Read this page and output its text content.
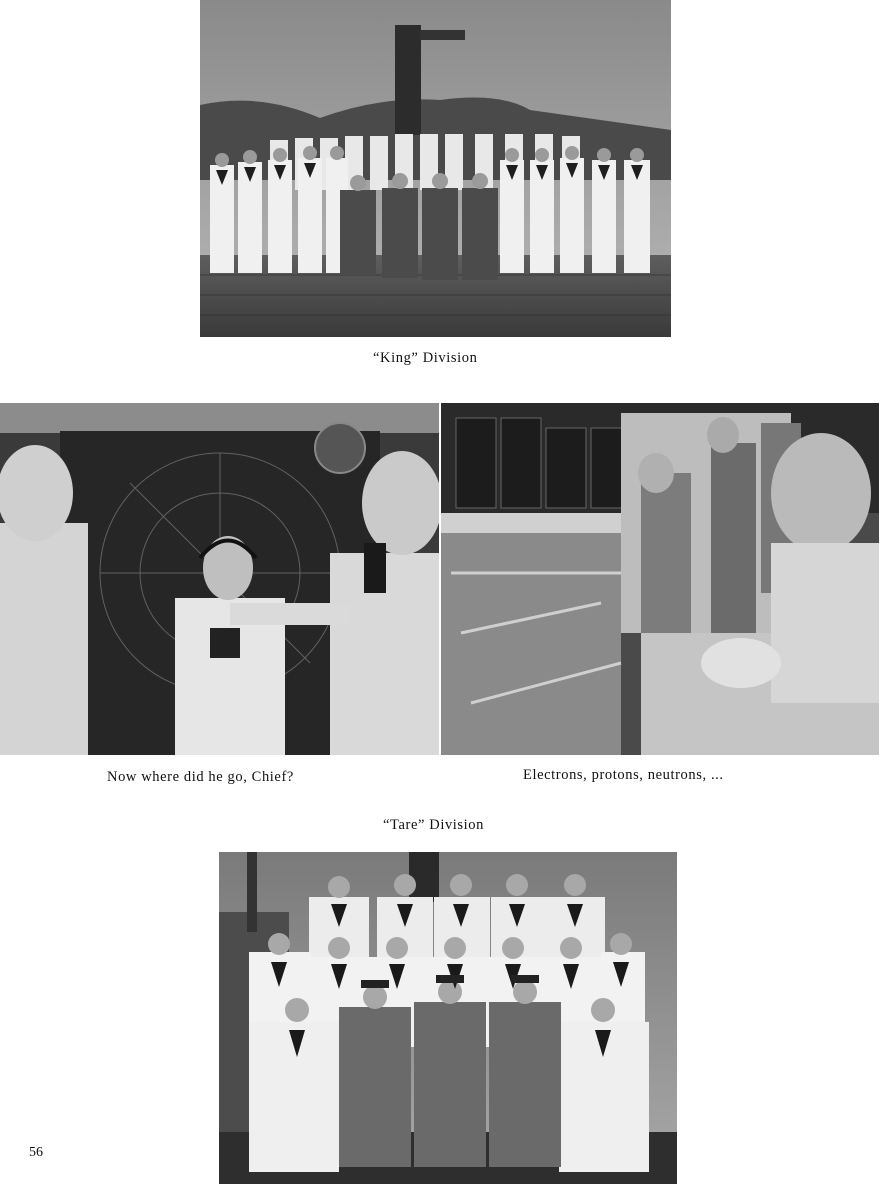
“King” Division
Now where did he go, Chief?	Electrons, protons, neutrons, ...
“Tare” Division
56
